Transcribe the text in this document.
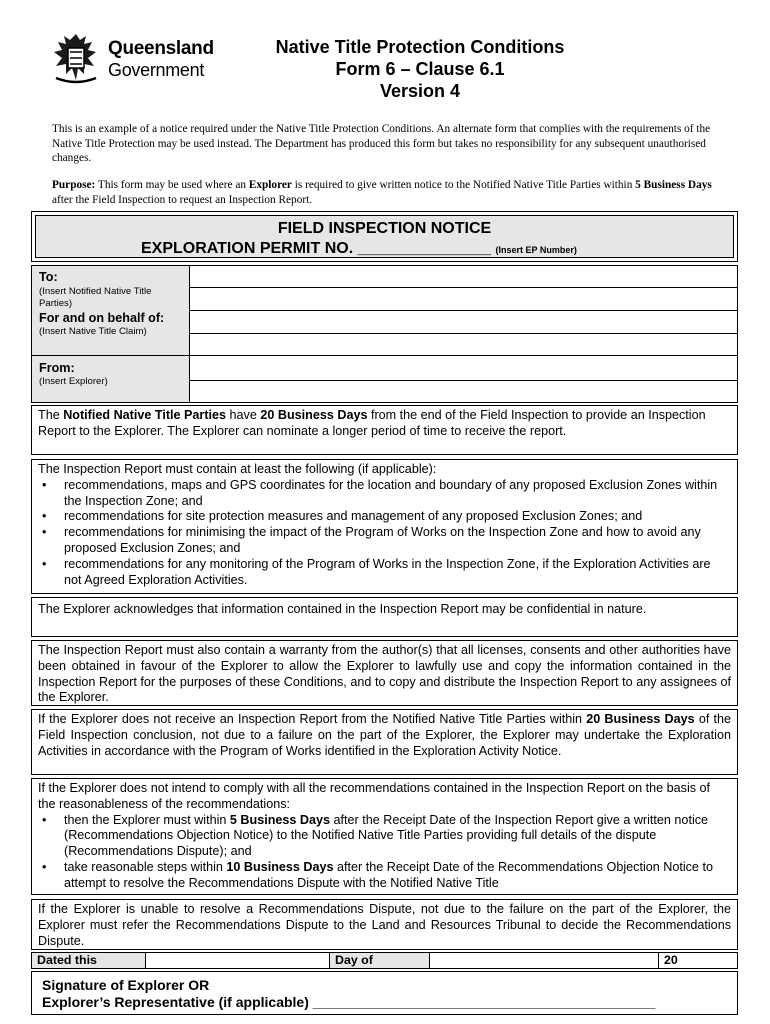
Queensland
Government
Native Title Protection Conditions
Form 6 – Clause 6.1
Version 4
This is an example of a notice required under the Native Title Protection Conditions. An alternate form that complies with the requirements of the Native Title Protection may be used instead. The Department has produced this form but takes no responsibility for any subsequent unauthorised changes.
Purpose: This form may be used where an Explorer is required to give written notice to the Notified Native Title Parties within 5 Business Days after the Field Inspection to request an Inspection Report.
FIELD INSPECTION NOTICE
EXPLORATION PERMIT NO. _______________ (Insert EP Number)
To:
(Insert Notified Native Title Parties)
For and on behalf of:
(Insert Native Title Claim)
From:
(Insert Explorer)
The Notified Native Title Parties have 20 Business Days from the end of the Field Inspection to provide an Inspection Report to the Explorer. The Explorer can nominate a longer period of time to receive the report.
The Inspection Report must contain at least the following (if applicable):
• recommendations, maps and GPS coordinates for the location and boundary of any proposed Exclusion Zones within the Inspection Zone; and
• recommendations for site protection measures and management of any proposed Exclusion Zones; and
• recommendations for minimising the impact of the Program of Works on the Inspection Zone and how to avoid any proposed Exclusion Zones; and
• recommendations for any monitoring of the Program of Works in the Inspection Zone, if the Exploration Activities are not Agreed Exploration Activities.
The Explorer acknowledges that information contained in the Inspection Report may be confidential in nature.
The Inspection Report must also contain a warranty from the author(s) that all licenses, consents and other authorities have been obtained in favour of the Explorer to allow the Explorer to lawfully use and copy the information contained in the Inspection Report for the purposes of these Conditions, and to copy and distribute the Inspection Report to any assignees of the Explorer.
If the Explorer does not receive an Inspection Report from the Notified Native Title Parties within 20 Business Days of the Field Inspection conclusion, not due to a failure on the part of the Explorer, the Explorer may undertake the Exploration Activities in accordance with the Program of Works identified in the Exploration Activity Notice.
If the Explorer does not intend to comply with all the recommendations contained in the Inspection Report on the basis of the reasonableness of the recommendations:
• then the Explorer must within 5 Business Days after the Receipt Date of the Inspection Report give a written notice (Recommendations Objection Notice) to the Notified Native Title Parties providing full details of the dispute (Recommendations Dispute); and
• take reasonable steps within 10 Business Days after the Receipt Date of the Recommendations Objection Notice to attempt to resolve the Recommendations Dispute with the Notified Native Title
If the Explorer is unable to resolve a Recommendations Dispute, not due to the failure on the part of the Explorer, the Explorer must refer the Recommendations Dispute to the Land and Resources Tribunal to decide the Recommendations Dispute.
Dated this	Day of	20
Signature of Explorer OR
Explorer’s Representative (if applicable) ____________________________________________
